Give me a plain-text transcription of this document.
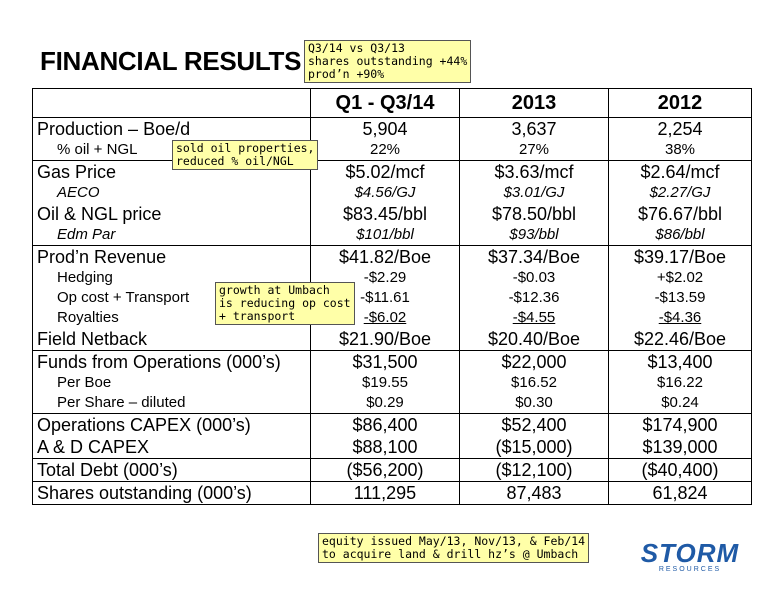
FINANCIAL RESULTS
	Q1 - Q3/14	2013	2012
Production – Boe/d	5,904	3,637	2,254
% oil + NGL	22%	27%	38%
Gas Price	$5.02/mcf	$3.63/mcf	$2.64/mcf
AECO	$4.56/GJ	$3.01/GJ	$2.27/GJ
Oil & NGL price	$83.45/bbl	$78.50/bbl	$76.67/bbl
Edm Par	$101/bbl	$93/bbl	$86/bbl
Prod’n Revenue	$41.82/Boe	$37.34/Boe	$39.17/Boe
Hedging	-$2.29	-$0.03	+$2.02
Op cost + Transport	-$11.61	-$12.36	-$13.59
Royalties	-$6.02	-$4.55	-$4.36
Field Netback	$21.90/Boe	$20.40/Boe	$22.46/Boe
Funds from Operations (000’s)	$31,500	$22,000	$13,400
Per Boe	$19.55	$16.52	$16.22
Per Share – diluted	$0.29	$0.30	$0.24
Operations CAPEX (000’s)	$86,400	$52,400	$174,900
A & D CAPEX	$88,100	($15,000)	$139,000
Total Debt (000’s)	($56,200)	($12,100)	($40,400)
Shares outstanding (000’s)	111,295	87,483	61,824
Q3/14 vs Q3/13
shares outstanding +44%
prod’n +90%
sold oil properties,
reduced % oil/NGL
growth at Umbach
is reducing op cost
+ transport
equity issued May/13, Nov/13, & Feb/14
to acquire land & drill hz’s @ Umbach	STORM
RESOURCES
